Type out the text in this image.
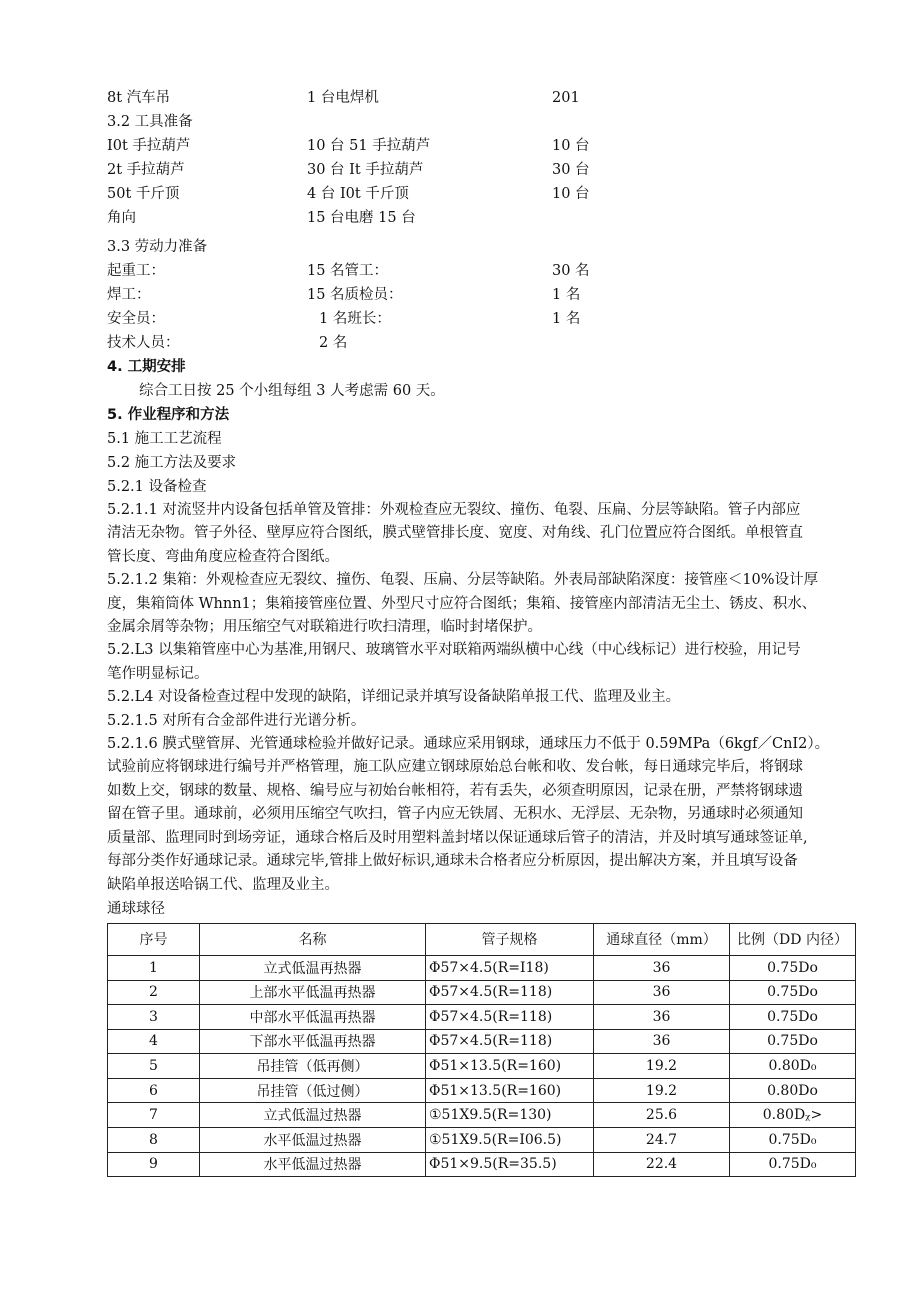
8t 汽车吊	1 台电焊机	201
3.2 工具准备
I0t 手拉葫芦	10 台 51 手拉葫芦	10 台
2t 手拉葫芦	30 台 It 手拉葫芦	30 台
50t 千斤顶	4 台 I0t 千斤顶	10 台
角向	15 台电磨 15 台
3.3 劳动力准备
起重工：	15 名管工：	30 名
焊工：	15 名质检员：	1 名
安全员：	1 名班长：	1 名
技术人员：	2 名
4. 工期安排
综合工日按 25 个小组每组 3 人考虑需 60 天。
5. 作业程序和方法
5.1 施工工艺流程
5.2 施工方法及要求
5.2.1 设备检查

5.2.1.1 对流竖井内设备包括单管及管排：外观检查应无裂纹、撞伤、龟裂、压扁、分层等缺陷。管子内部应
清洁无杂物。管子外径、壁厚应符合图纸，膜式壁管排长度、宽度、对角线、孔门位置应符合图纸。单根管直
管长度、弯曲角度应检查符合图纸。

5.2.1.2 集箱：外观检查应无裂纹、撞伤、龟裂、压扁、分层等缺陷。外表局部缺陷深度：接管座＜10%设计厚
度，集箱筒体 Whnn1；集箱接管座位置、外型尺寸应符合图纸；集箱、接管座内部清洁无尘土、锈皮、积水、
金属余屑等杂物；用压缩空气对联箱进行吹扫清理，临时封堵保护。

5.2.L3 以集箱管座中心为基准,用钢尺、玻璃管水平对联箱两端纵横中心线（中心线标记）进行校验，用记号
笔作明显标记。

5.2.L4 对设备检查过程中发现的缺陷，详细记录并填写设备缺陷单报工代、监理及业主。

5.2.1.5 对所有合金部件进行光谱分析。

5.2.1.6 膜式壁管屏、光管通球检验并做好记录。通球应采用钢球，通球压力不低于 0.59MPa（6kgf／CnI2）。
试验前应将钢球进行编号并严格管理，施工队应建立钢球原始总台帐和收、发台帐，每日通球完毕后，将钢球
如数上交，钢球的数量、规格、编号应与初始台帐相符，若有丢失，必须查明原因，记录在册，严禁将钢球遗
留在管子里。通球前，必须用压缩空气吹扫，管子内应无铁屑、无积水、无浮层、无杂物，另通球时必须通知
质量部、监理同时到场旁证，通球合格后及时用塑料盖封堵以保证通球后管子的清洁，并及时填写通球签证单,
每部分类作好通球记录。通球完毕,管排上做好标识,通球未合格者应分析原因，提出解决方案，并且填写设备
缺陷单报送哈锅工代、监理及业主。

通球球径
序号	名称	管子规格	通球直径（mm）	比例（DD 内径）
1	立式低温再热器	Φ57×4.5(R=I18)	36	0.75Do
2	上部水平低温再热器	Φ57×4.5(R=118)	36	0.75Do
3	中部水平低温再热器	Φ57×4.5(R=118)	36	0.75Do
4	下部水平低温再热器	Φ57×4.5(R=118)	36	0.75Do
5	吊挂管（低再侧）	Φ51×13.5(R=160)	19.2	0.80D₀
6	吊挂管（低过侧）	Φ51×13.5(R=160)	19.2	0.80Do
7	立式低温过热器	①51X9.5(R=130)	25.6	0.80Dᵪ>
8	水平低温过热器	①51X9.5(R=I06.5)	24.7	0.75D₀
9	水平低温过热器	Φ51×9.5(R=35.5)	22.4	0.75D₀
